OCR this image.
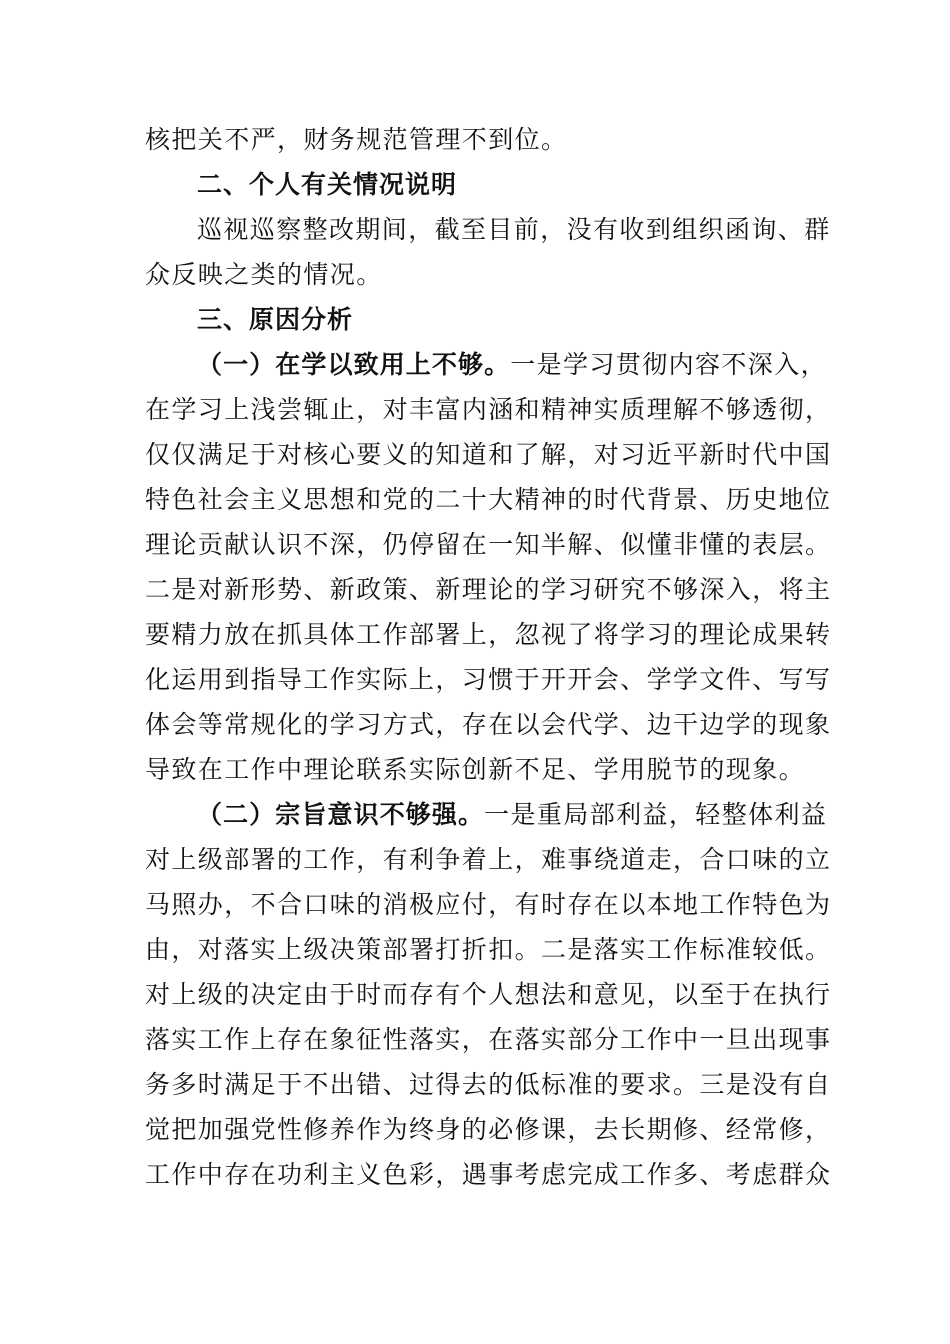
核把关不严，财务规范管理不到位。
二、个人有关情况说明
巡视巡察整改期间，截至目前，没有收到组织函询、群
众反映之类的情况。
三、原因分析
（一）在学以致用上不够。一是学习贯彻内容不深入，
在学习上浅尝辄止，对丰富内涵和精神实质理解不够透彻，
仅仅满足于对核心要义的知道和了解，对习近平新时代中国
特色社会主义思想和党的二十大精神的时代背景、历史地位
理论贡献认识不深，仍停留在一知半解、似懂非懂的表层。
二是对新形势、新政策、新理论的学习研究不够深入，将主
要精力放在抓具体工作部署上，忽视了将学习的理论成果转
化运用到指导工作实际上，习惯于开开会、学学文件、写写
体会等常规化的学习方式，存在以会代学、边干边学的现象
导致在工作中理论联系实际创新不足、学用脱节的现象。
（二）宗旨意识不够强。一是重局部利益，轻整体利益
对上级部署的工作，有利争着上，难事绕道走，合口味的立
马照办，不合口味的消极应付，有时存在以本地工作特色为
由，对落实上级决策部署打折扣。二是落实工作标准较低。
对上级的决定由于时而存有个人想法和意见，以至于在执行
落实工作上存在象征性落实，在落实部分工作中一旦出现事
务多时满足于不出错、过得去的低标准的要求。三是没有自
觉把加强党性修养作为终身的必修课，去长期修、经常修，
工作中存在功利主义色彩，遇事考虑完成工作多、考虑群众
